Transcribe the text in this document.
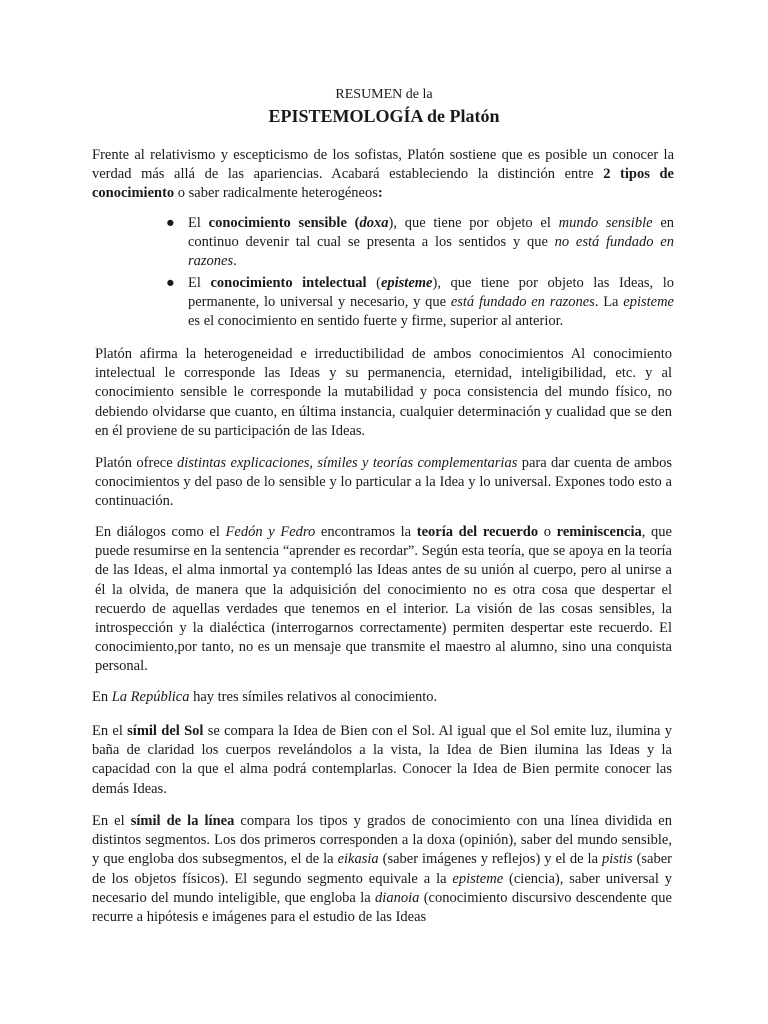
RESUMEN de la
EPISTEMOLOGÍA de Platón

Frente al relativismo y escepticismo de los sofistas, Platón sostiene que es posible un conocer la verdad más allá de las apariencias. Acabará estableciendo la distinción entre 2 tipos de conocimiento o saber radicalmente heterogéneos:

● El conocimiento sensible (doxa), que tiene por objeto el mundo sensible en continuo devenir tal cual se presenta a los sentidos y que no está fundado en razones.
● El conocimiento intelectual (episteme), que tiene por objeto las Ideas, lo permanente, lo universal y necesario, y que está fundado en razones. La episteme es el conocimiento en sentido fuerte y firme, superior al anterior.

Platón afirma la heterogeneidad e irreductibilidad de ambos conocimientos Al conocimiento intelectual le corresponde las Ideas y su permanencia, eternidad, inteligibilidad, etc. y al conocimiento sensible le corresponde la mutabilidad y poca consistencia del mundo físico, no debiendo olvidarse que cuanto, en última instancia, cualquier determinación y cualidad que se den en él proviene de su participación de las Ideas.

Platón ofrece distintas explicaciones, símiles y teorías complementarias para dar cuenta de ambos conocimientos y del paso de lo sensible y lo particular a la Idea y lo universal. Expones todo esto a continuación.

En diálogos como el Fedón y Fedro encontramos la teoría del recuerdo o reminiscencia, que puede resumirse en la sentencia “aprender es recordar”. Según esta teoría, que se apoya en la teoría de las Ideas, el alma inmortal ya contempló las Ideas antes de su unión al cuerpo, pero al unirse a él la olvida, de manera que la adquisición del conocimiento no es otra cosa que despertar el recuerdo de aquellas verdades que tenemos en el interior. La visión de las cosas sensibles, la introspección y la dialéctica (interrogarnos correctamente) permiten despertar este recuerdo. El conocimiento,por tanto, no es un mensaje que transmite el maestro al alumno, sino una conquista personal.

En La República hay tres símiles relativos al conocimiento.

En el símil del Sol se compara la Idea de Bien con el Sol. Al igual que el Sol emite luz, ilumina y baña de claridad los cuerpos revelándolos a la vista, la Idea de Bien ilumina las Ideas y la capacidad con la que el alma podrá contemplarlas. Conocer la Idea de Bien permite conocer las demás Ideas.

En el símil de la línea compara los tipos y grados de conocimiento con una línea dividida en distintos segmentos. Los dos primeros corresponden a la doxa (opinión), saber del mundo sensible, y que engloba dos subsegmentos, el de la eikasia (saber imágenes y reflejos) y el de la pistis (saber de los objetos físicos). El segundo segmento equivale a la episteme (ciencia), saber universal y necesario del mundo inteligible, que engloba la dianoia (conocimiento discursivo descendente que recurre a hipótesis e imágenes para el estudio de las Ideas
